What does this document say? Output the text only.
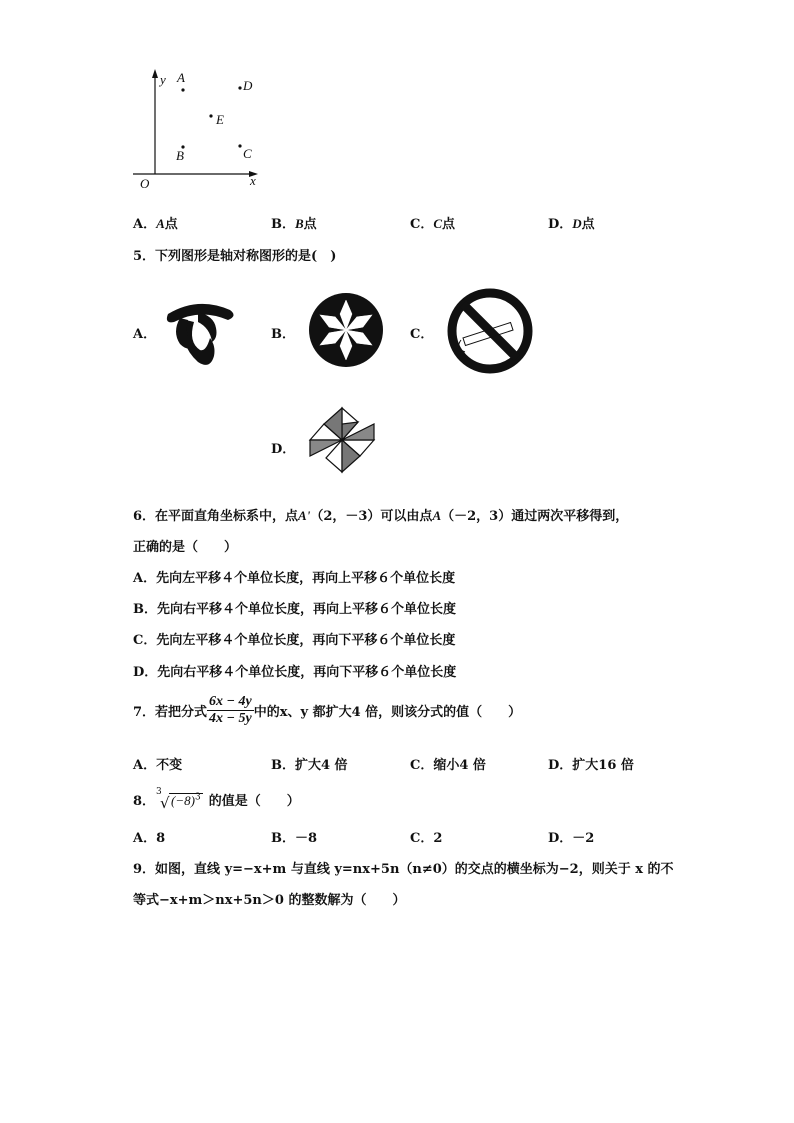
y
x
O
A
D
E
B	C
A．A点	B．B点	C．C点	D．D点
5．下列图形是轴对称图形的是(　)
A．	B．	C．
D．
6．在平面直角坐标系中，点A'（2，－3）可以由点A（－2，3）通过两次平移得到，
正确的是（　　）
A．先向左平移４个单位长度，再向上平移６个单位长度
B．先向右平移４个单位长度，再向上平移６个单位长度
C．先向左平移４个单位长度，再向下平移６个单位长度
D．先向右平移４个单位长度，再向下平移６个单位长度
7．若把分式 $\frac{6x - 4y}{4x - 5y}$ 中的x、y 都扩大4 倍，则该分式的值（　　）
A．不变	B．扩大4 倍	C．缩小4 倍	D．扩大16 倍
8．
3
√ $(-8)^3$ 的值是（　　）
A．8	B．－8	C．2	D．－2
9．如图，直线 y=−x+m 与直线 y=nx+5n（n≠0）的交点的横坐标为−2，则关于 x 的不
等式−x+m＞nx+5n＞0 的整数解为（　　）
